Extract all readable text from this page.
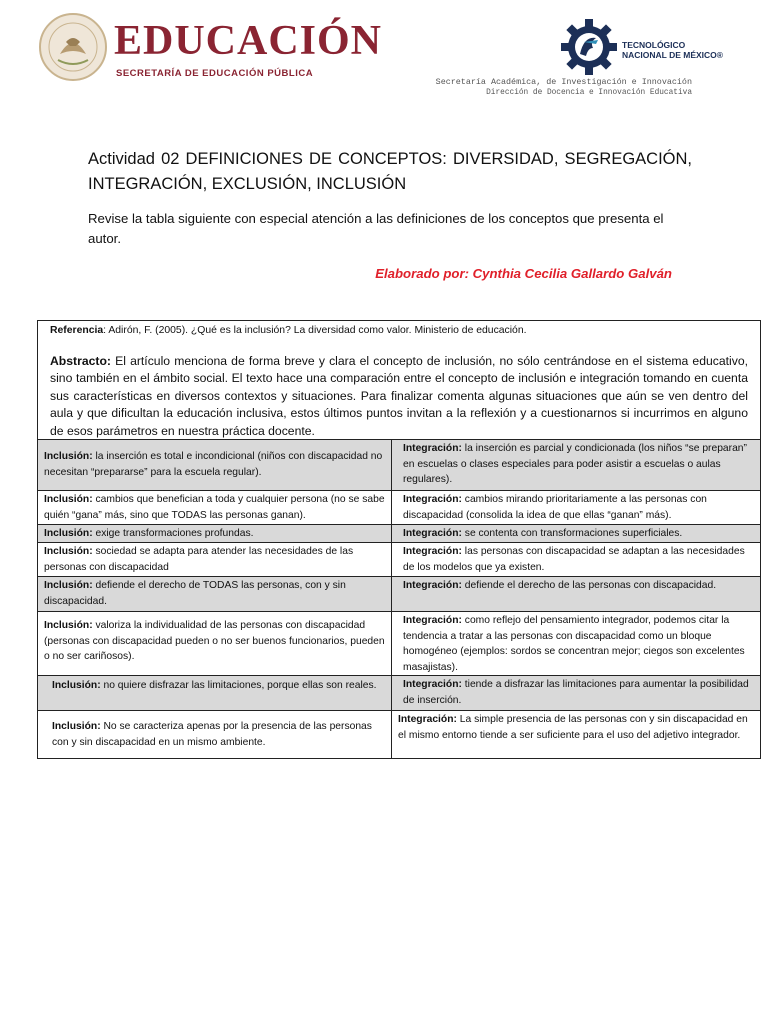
EDUCACIÓN
SECRETARÍA DE EDUCACIÓN PÚBLICA
TECNOLÓGICO
NACIONAL DE MÉXICO®
Secretaría Académica, de Investigación e Innovación
Dirección de Docencia e Innovación Educativa
Actividad 02 DEFINICIONES DE CONCEPTOS: DIVERSIDAD, SEGREGACIÓN, INTEGRACIÓN, EXCLUSIÓN, INCLUSIÓN
Revise la tabla siguiente con especial atención a las definiciones de los conceptos que presenta el autor.
Elaborado por: Cynthia Cecilia Gallardo Galván

Referencia: Adirón, F. (2005). ¿Qué es la inclusión? La diversidad como valor. Ministerio de educación.

Abstracto: El artículo menciona de forma breve y clara el concepto de inclusión, no sólo centrándose en el sistema educativo, sino también en el ámbito social. El texto hace una comparación entre el concepto de inclusión e integración tomando en cuenta sus características en diversos contextos y situaciones. Para finalizar comenta algunas situaciones que aún se ven dentro del aula y que dificultan la educación inclusiva, estos últimos puntos invitan a la reflexión y a cuestionarnos si incurrimos en alguno de esos parámetros en nuestra práctica docente.

Inclusión: la inserción es total e incondicional (niños con discapacidad no necesitan “prepararse” para la escuela regular).
Integración: la inserción es parcial y condicionada (los niños “se preparan” en escuelas o clases especiales para poder asistir a escuelas o aulas regulares).
Inclusión: cambios que benefician a toda y cualquier persona (no se sabe quién “gana” más, sino que TODAS las personas ganan).
Integración: cambios mirando prioritariamente a las personas con discapacidad (consolida la idea de que ellas “ganan” más).
Inclusión: exige transformaciones profundas.	Integración: se contenta con transformaciones superficiales.
Inclusión: sociedad se adapta para atender las necesidades de las personas con discapacidad
Integración: las personas con discapacidad se adaptan a las necesidades de los modelos que ya existen.
Inclusión: defiende el derecho de TODAS las personas, con y sin discapacidad.
Integración: defiende el derecho de las personas con discapacidad.
Inclusión: valoriza la individualidad de las personas con discapacidad (personas con discapacidad pueden o no ser buenos funcionarios, pueden o no ser cariñosos).
Integración: como reflejo del pensamiento integrador, podemos citar la tendencia a tratar a las personas con discapacidad como un bloque homogéneo (ejemplos: sordos se concentran mejor; ciegos son excelentes masajistas).
Inclusión: no quiere disfrazar las limitaciones, porque ellas son reales.	Integración: tiende a disfrazar las limitaciones para aumentar la posibilidad de inserción.
Inclusión: No se caracteriza apenas por la presencia de las personas con y sin discapacidad en un mismo ambiente.
Integración: La simple presencia de las personas con y sin discapacidad en el mismo entorno tiende a ser suficiente para el uso del adjetivo integrador.
